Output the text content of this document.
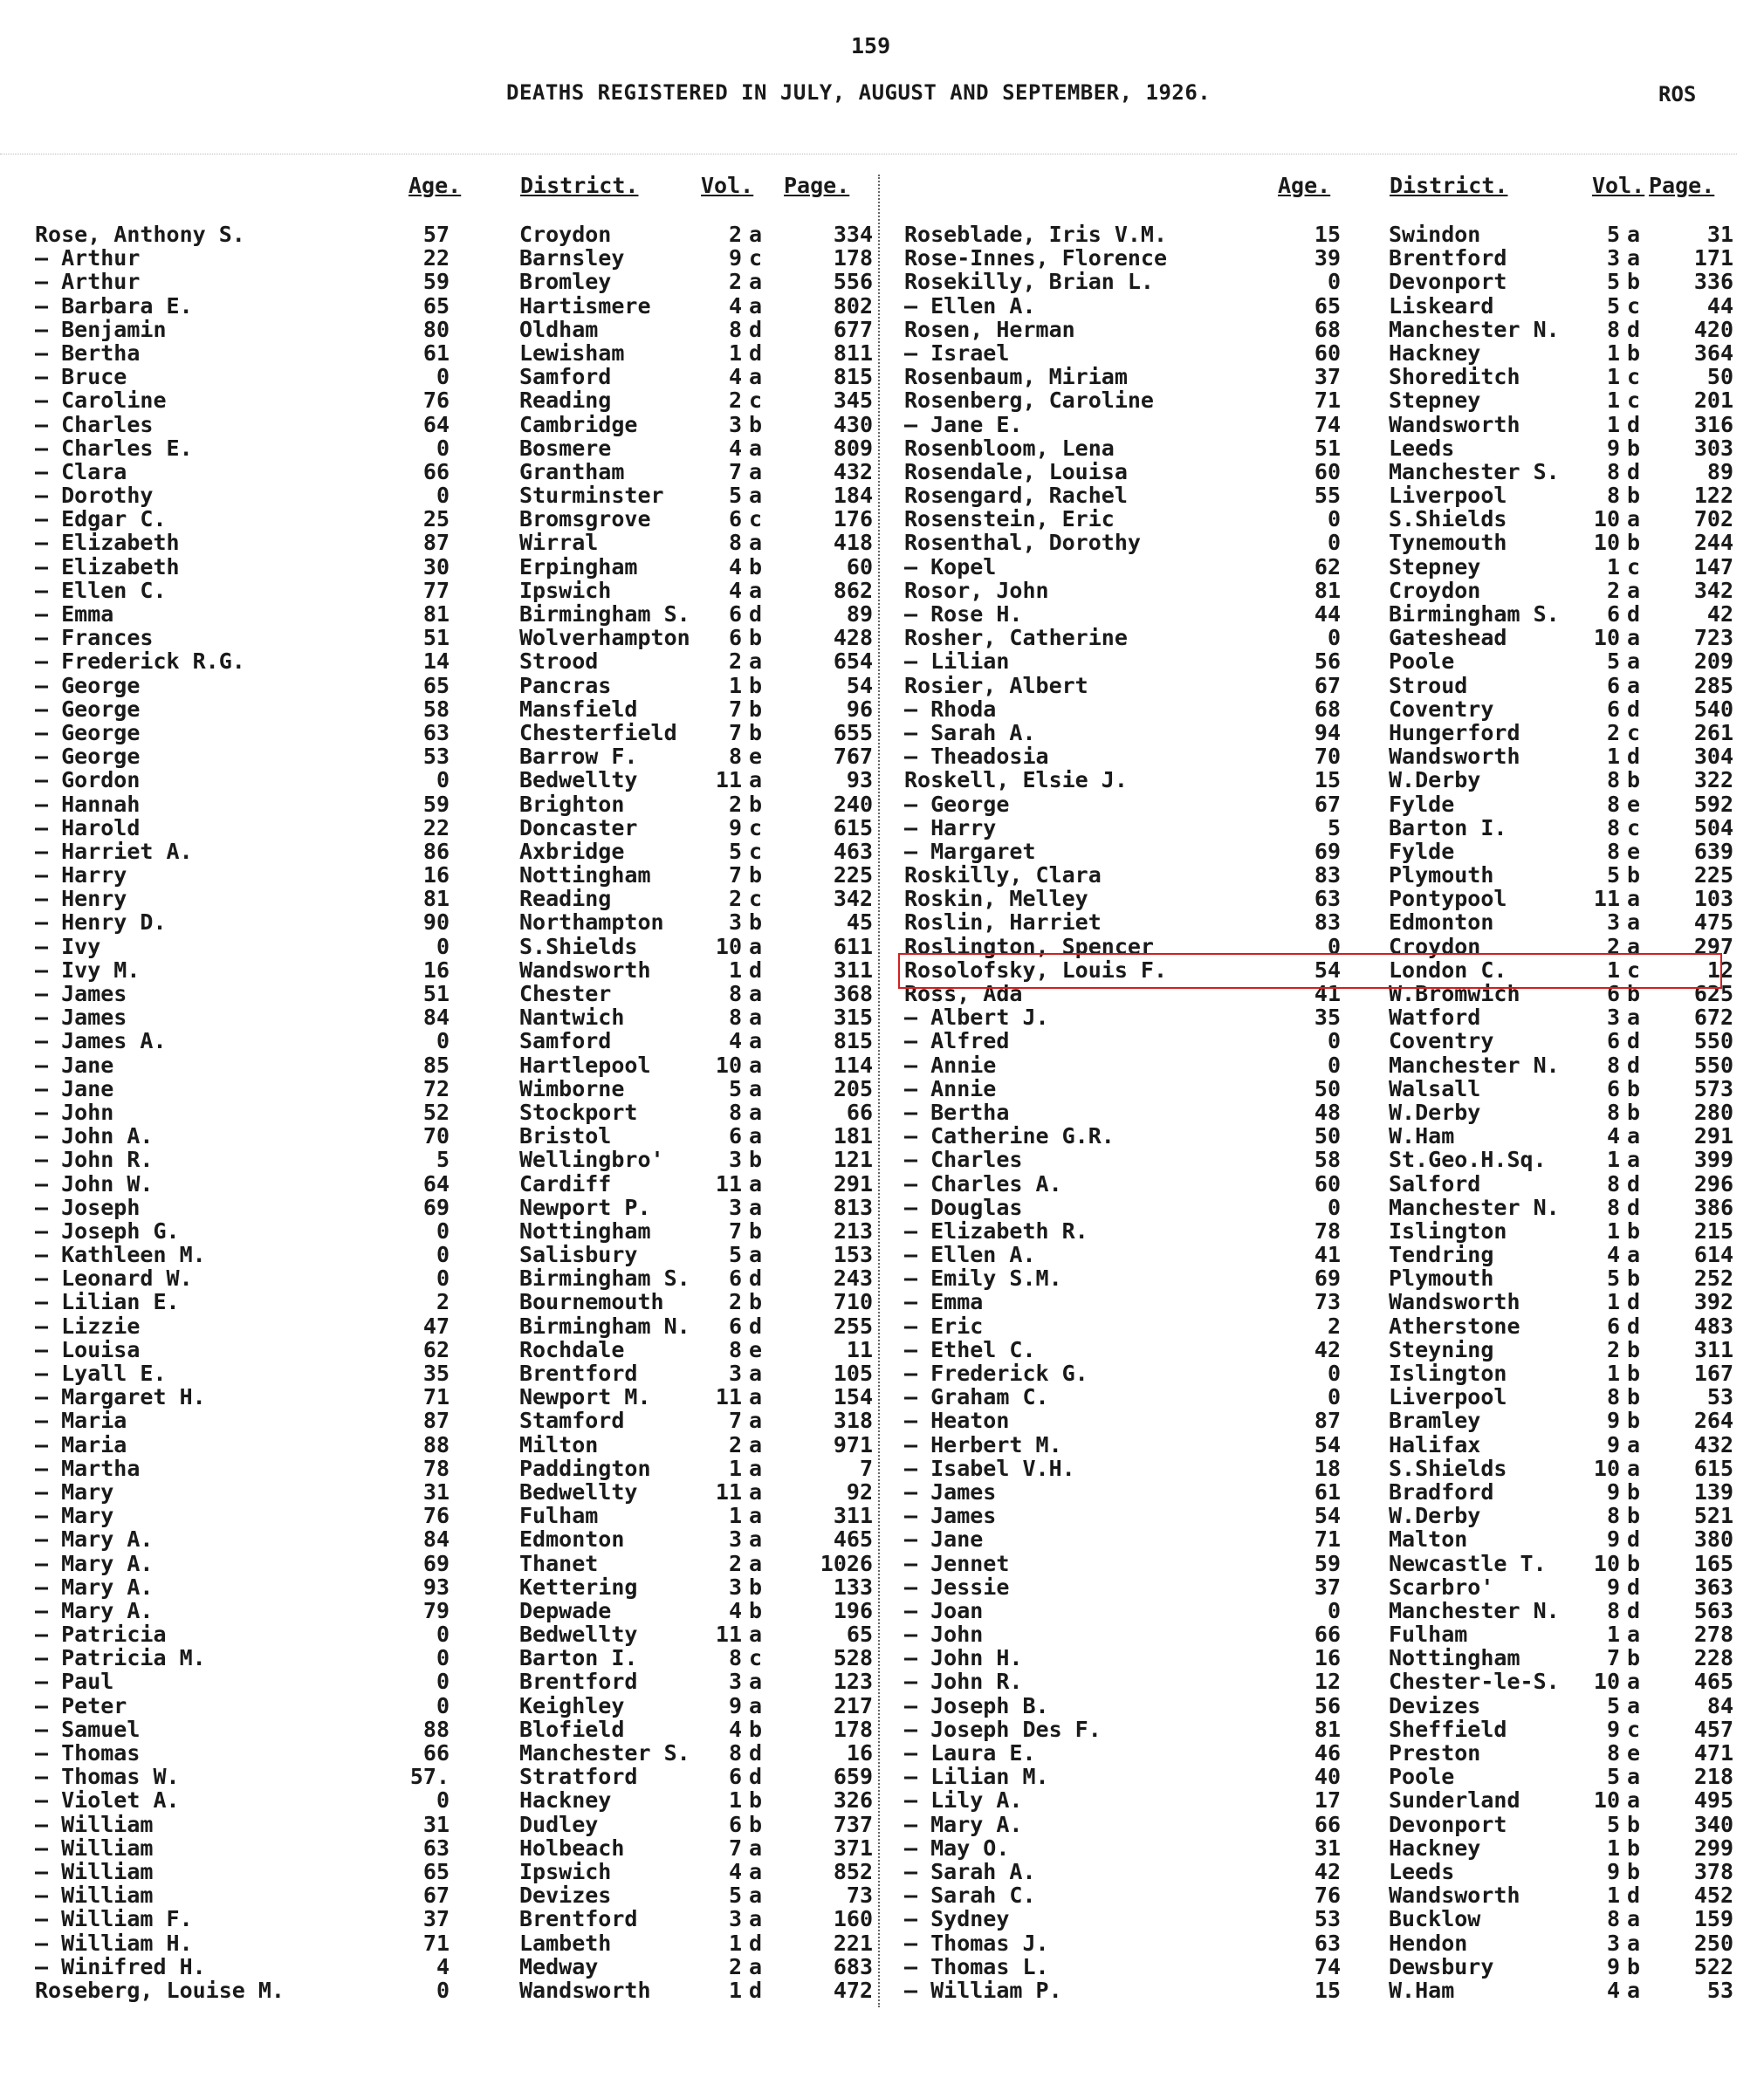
159
DEATHS REGISTERED IN JULY, AUGUST AND SEPTEMBER, 1926.	ROS
Age.	District.	Vol. Page.
Rose, Anthony S.	57	Croydon	2 a	334
— Arthur	22	Barnsley	9 c	178
— Arthur	59	Bromley	2 a	556
— Barbara E.	65	Hartismere	4 a	802
— Benjamin	80	Oldham	8 d	677
— Bertha	61	Lewisham	1 d	811
— Bruce	0	Samford	4 a	815
— Caroline	76	Reading	2 c	345
— Charles	64	Cambridge	3 b	430
— Charles E.	0	Bosmere	4 a	809
— Clara	66	Grantham	7 a	432
— Dorothy	0	Sturminster	5 a	184
— Edgar C.	25	Bromsgrove	6 c	176
— Elizabeth	87	Wirral	8 a	418
— Elizabeth	30	Erpingham	4 b	60
— Ellen C.	77	Ipswich	4 a	862
— Emma	81	Birmingham S.	6 d	89
— Frances	51	Wolverhampton	6 b	428
— Frederick R.G.	14	Strood	2 a	654
— George	65	Pancras	1 b	54
— George	58	Mansfield	7 b	96
— George	63	Chesterfield	7 b	655
— George	53	Barrow F.	8 e	767
— Gordon	0	Bedwellty	11 a	93
— Hannah	59	Brighton	2 b	240
— Harold	22	Doncaster	9 c	615
— Harriet A.	86	Axbridge	5 c	463
— Harry	16	Nottingham	7 b	225
— Henry	81	Reading	2 c	342
— Henry D.	90	Northampton	3 b	45
— Ivy	0	S.Shields	10 a	611
— Ivy M.	16	Wandsworth	1 d	311
— James	51	Chester	8 a	368
— James	84	Nantwich	8 a	315
— James A.	0	Samford	4 a	815
— Jane	85	Hartlepool	10 a	114
— Jane	72	Wimborne	5 a	205
— John	52	Stockport	8 a	66
— John A.	70	Bristol	6 a	181
— John R.	5	Wellingbro'	3 b	121
— John W.	64	Cardiff	11 a	291
— Joseph	69	Newport P.	3 a	813
— Joseph G.	0	Nottingham	7 b	213
— Kathleen M.	0	Salisbury	5 a	153
— Leonard W.	0	Birmingham S.	6 d	243
— Lilian E.	2	Bournemouth	2 b	710
— Lizzie	47	Birmingham N.	6 d	255
— Louisa	62	Rochdale	8 e	11
— Lyall E.	35	Brentford	3 a	105
— Margaret H.	71	Newport M.	11 a	154
— Maria	87	Stamford	7 a	318
— Maria	88	Milton	2 a	971
— Martha	78	Paddington	1 a	7
— Mary	31	Bedwellty	11 a	92
— Mary	76	Fulham	1 a	311
— Mary A.	84	Edmonton	3 a	465
— Mary A.	69	Thanet	2 a	1026
— Mary A.	93	Kettering	3 b	133
— Mary A.	79	Depwade	4 b	196
— Patricia	0	Bedwellty	11 a	65
— Patricia M.	0	Barton I.	8 c	528
— Paul	0	Brentford	3 a	123
— Peter	0	Keighley	9 a	217
— Samuel	88	Blofield	4 b	178
— Thomas	66	Manchester S.	8 d	16
— Thomas W.	57.	Stratford	6 d	659
— Violet A.	0	Hackney	1 b	326
— William	31	Dudley	6 b	737
— William	63	Holbeach	7 a	371
— William	65	Ipswich	4 a	852
— William	67	Devizes	5 a	73
— William F.	37	Brentford	3 a	160
— William H.	71	Lambeth	1 d	221
— Winifred H.	4	Medway	2 a	683
Roseberg, Louise M.	0	Wandsworth	1 d	472
Age.	District.	Vol. Page.
Roseblade, Iris V.M.	15 Swindon	5 a	31
Rose-Innes, Florence	39 Brentford	3 a	171
Rosekilly, Brian L.	0 Devonport	5 b	336
— Ellen A.	65 Liskeard	5 c	44
Rosen, Herman	68 Manchester N.	8 d	420
— Israel	60 Hackney	1 b	364
Rosenbaum, Miriam	37 Shoreditch	1 c	50
Rosenberg, Caroline	71 Stepney	1 c	201
— Jane E.	74 Wandsworth	1 d	316
Rosenbloom, Lena	51 Leeds	9 b	303
Rosendale, Louisa	60 Manchester S.	8 d	89
Rosengard, Rachel	55 Liverpool	8 b	122
Rosenstein, Eric	0 S.Shields	10 a	702
Rosenthal, Dorothy	0 Tynemouth	10 b	244
— Kopel	62 Stepney	1 c	147
Rosor, John	81 Croydon	2 a	342
— Rose H.	44 Birmingham S.	6 d	42
Rosher, Catherine	0 Gateshead	10 a	723
— Lilian	56 Poole	5 a	209
Rosier, Albert	67 Stroud	6 a	285
— Rhoda	68 Coventry	6 d	540
— Sarah A.	94 Hungerford	2 c	261
— Theadosia	70 Wandsworth	1 d	304
Roskell, Elsie J.	15 W.Derby	8 b	322
— George	67 Fylde	8 e	592
— Harry	5 Barton I.	8 c	504
— Margaret	69 Fylde	8 e	639
Roskilly, Clara	83 Plymouth	5 b	225
Roskin, Melley	63 Pontypool	11 a	103
Roslin, Harriet	83 Edmonton	3 a	475
Roslington, Spencer	0 Croydon	2 a	297
Rosolofsky, Louis F.	54 London C.	1 c	12
Ross, Ada	41 W.Bromwich	6 b	625
— Albert J.	35 Watford	3 a	672
— Alfred	0 Coventry	6 d	550
— Annie	0 Manchester N.	8 d	550
— Annie	50 Walsall	6 b	573
— Bertha	48 W.Derby	8 b	280
— Catherine G.R.	50 W.Ham	4 a	291
— Charles	58 St.Geo.H.Sq.	1 a	399
— Charles A.	60 Salford	8 d	296
— Douglas	0 Manchester N.	8 d	386
— Elizabeth R.	78 Islington	1 b	215
— Ellen A.	41 Tendring	4 a	614
— Emily S.M.	69 Plymouth	5 b	252
— Emma	73 Wandsworth	1 d	392
— Eric	2 Atherstone	6 d	483
— Ethel C.	42 Steyning	2 b	311
— Frederick G.	0 Islington	1 b	167
— Graham C.	0 Liverpool	8 b	53
— Heaton	87 Bramley	9 b	264
— Herbert M.	54 Halifax	9 a	432
— Isabel V.H.	18 S.Shields	10 a	615
— James	61 Bradford	9 b	139
— James	54 W.Derby	8 b	521
— Jane	71 Malton	9 d	380
— Jennet	59 Newcastle T.	10 b	165
— Jessie	37 Scarbro'	9 d	363
— Joan	0 Manchester N.	8 d	563
— John	66 Fulham	1 a	278
— John H.	16 Nottingham	7 b	228
— John R.	12 Chester-le-S.	10 a	465
— Joseph B.	56 Devizes	5 a	84
— Joseph Des F.	81 Sheffield	9 c	457
— Laura E.	46 Preston	8 e	471
— Lilian M.	40 Poole	5 a	218
— Lily A.	17 Sunderland	10 a	495
— Mary A.	66 Devonport	5 b	340
— May O.	31 Hackney	1 b	299
— Sarah A.	42 Leeds	9 b	378
— Sarah C.	76 Wandsworth	1 d	452
— Sydney	53 Bucklow	8 a	159
— Thomas J.	63 Hendon	3 a	250
— Thomas L.	74 Dewsbury	9 b	522
— William P.	15 W.Ham	4 a	53
